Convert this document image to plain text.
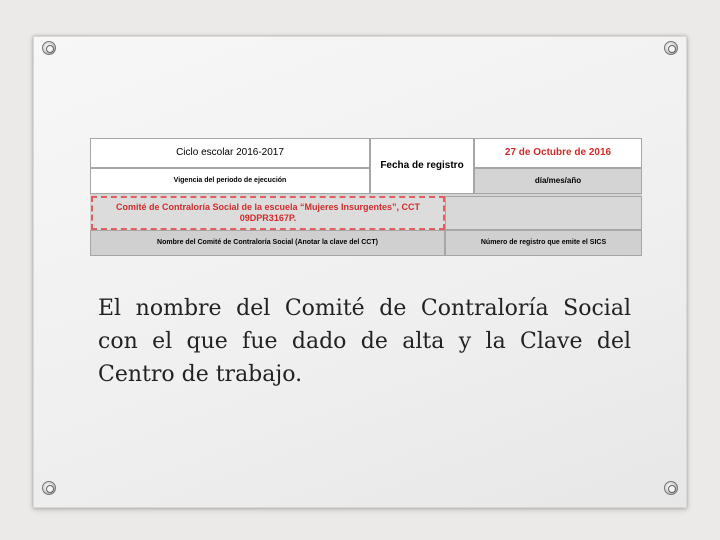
Ciclo escolar 2016-2017
Fecha de registro
27 de Octubre de 2016
Vigencia del periodo de ejecución	día/mes/año
Comité de Contraloría Social de la escuela “Mujeres Insurgentes”, CCT
09DPR3167P.
Nombre del Comité de Contraloría Social (Anotar la clave del CCT)	Número de registro que emite el SICS
El nombre del Comité de Contraloría Social con el que fue dado de alta y la Clave del Centro de trabajo.
